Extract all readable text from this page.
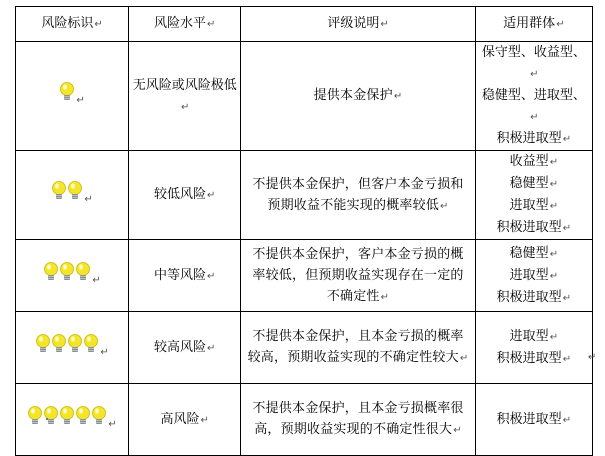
风险标识↵	风险水平↵	评级说明↵	适用群体↵

↵	无风险或风险极低↵	提供本金保护↵	保守型、收益型、↵
稳健型、进取型、↵
积极进取型↵

↵	较低风险↵	不提供本金保护，但客户本金亏损和
预期收益不能实现的概率较低↵	收益型↵
稳健型↵
进取型↵
积极进取型↵

↵	中等风险↵	不提供本金保护，客户本金亏损的概
率较低，但预期收益实现存在一定的
不确定性↵	稳健型↵
进取型↵
积极进取型↵

↵	较高风险↵	不提供本金保护，且本金亏损的概率
较高，预期收益实现的不确定性较大↵	进取型↵
积极进取型↵

↵	高风险↵	不提供本金保护，且本金亏损概率很
高，预期收益实现的不确定性很大↵	积极进取型↵
↵
